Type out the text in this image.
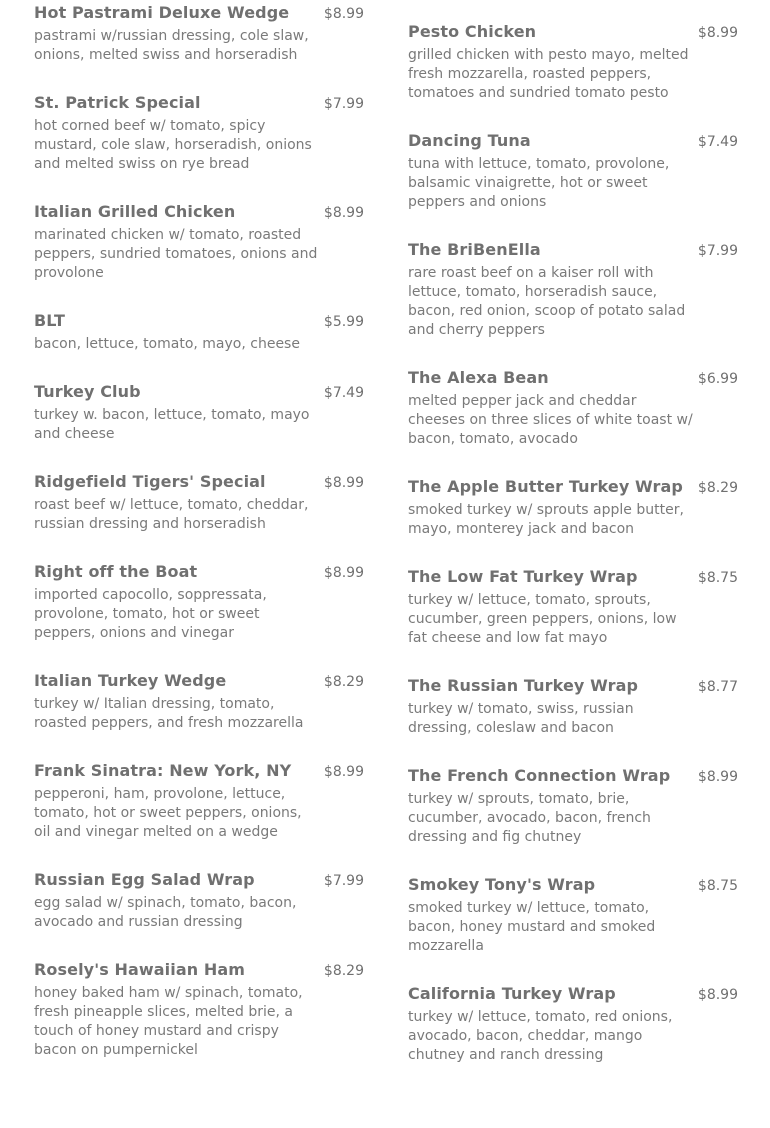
Hot Pastrami Deluxe Wedge	$8.99
pastrami w/russian dressing, cole slaw, onions, melted swiss and horseradish
St. Patrick Special	$7.99
hot corned beef w/ tomato, spicy mustard, cole slaw, horseradish, onions and melted swiss on rye bread
Italian Grilled Chicken	$8.99
marinated chicken w/ tomato, roasted peppers, sundried tomatoes, onions and provolone
BLT	$5.99
bacon, lettuce, tomato, mayo, cheese
Turkey Club	$7.49
turkey w. bacon, lettuce, tomato, mayo and cheese
Ridgefield Tigers' Special	$8.99
roast beef w/ lettuce, tomato, cheddar, russian dressing and horseradish
Right off the Boat	$8.99
imported capocollo, soppressata, provolone, tomato, hot or sweet peppers, onions and vinegar
Italian Turkey Wedge	$8.29
turkey w/ Italian dressing, tomato, roasted peppers, and fresh mozzarella
Frank Sinatra: New York, NY	$8.99
pepperoni, ham, provolone, lettuce, tomato, hot or sweet peppers, onions, oil and vinegar melted on a wedge
Russian Egg Salad Wrap	$7.99
egg salad w/ spinach, tomato, bacon, avocado and russian dressing
Rosely's Hawaiian Ham	$8.29
honey baked ham w/ spinach, tomato, fresh pineapple slices, melted brie, a touch of honey mustard and crispy bacon on pumpernickel
Pesto Chicken	$8.99
grilled chicken with pesto mayo, melted fresh mozzarella, roasted peppers, tomatoes and sundried tomato pesto
Dancing Tuna	$7.49
tuna with lettuce, tomato, provolone, balsamic vinaigrette, hot or sweet peppers and onions
The BriBenElla	$7.99
rare roast beef on a kaiser roll with lettuce, tomato, horseradish sauce, bacon, red onion, scoop of potato salad and cherry peppers
The Alexa Bean	$6.99
melted pepper jack and cheddar cheeses on three slices of white toast w/ bacon, tomato, avocado
The Apple Butter Turkey Wrap	$8.29
smoked turkey w/ sprouts apple butter, mayo, monterey jack and bacon
The Low Fat Turkey Wrap	$8.75
turkey w/ lettuce, tomato, sprouts, cucumber, green peppers, onions, low fat cheese and low fat mayo
The Russian Turkey Wrap	$8.77
turkey w/ tomato, swiss, russian dressing, coleslaw and bacon
The French Connection Wrap	$8.99
turkey w/ sprouts, tomato, brie, cucumber, avocado, bacon, french dressing and fig chutney
Smokey Tony's Wrap	$8.75
smoked turkey w/ lettuce, tomato, bacon, honey mustard and smoked mozzarella
California Turkey Wrap	$8.99
turkey w/ lettuce, tomato, red onions, avocado, bacon, cheddar, mango chutney and ranch dressing
